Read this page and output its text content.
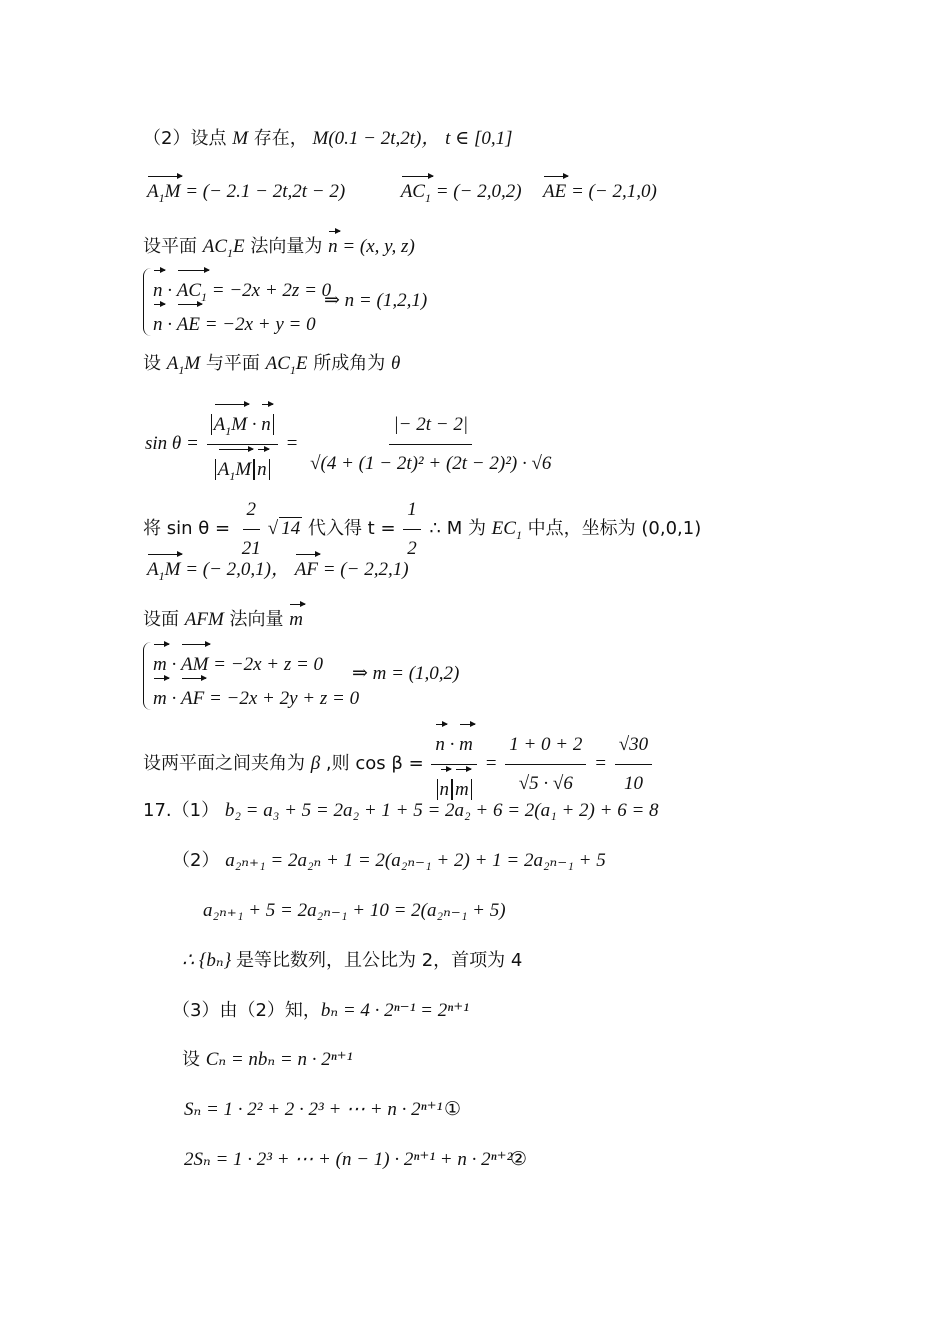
（2）设点 M 存在， M(0.1 − 2t,2t)， t ∈ [0,1]
$A_1M$ = (− 2.1 − 2t,2t − 2)	$AC_1$ = (− 2,0,2) AE = (− 2,1,0)
设平面 $AC_1E$ 法向量为 n = (x, y, z)
$n \cdot AC_1 = -2x + 2z = 0$
n · AE = −2x + y = 0
⇒ n = (1,2,1)
设 $A_1M$ 与平面 $AC_1E$ 所成角为 θ
$\sin \theta = \frac{A_1M \cdot n}{A_1M n} = \frac{|- 2t - 2|}{\text{√(4 + (1 − 2t)² + (2t − 2)²) · √6}}$
将 $\sin \theta = \frac{2}{21}$
√ 14 代入得 $t = \frac{1}{2}$ ∴ M 为 $EC_1$ 中点，坐标为 (0,0,1)
$A_1M$ = (− 2,0,1)， AF = (− 2,2,1)
设面 AFM 法向量 m
m · AM = −2x + z = 0
m · AF = −2x + 2y + z = 0
⇒ m = (1,0,2)
设两平面之间夹角为 β ,则 $\cos \beta = \frac{n \cdot m}{\text{n m}} = \frac{1 + 0 + 2}{√5 \cdot √6} = \frac{√30}{10}$
17.（1） b₂ = a₃ + 5 = 2a₂ + 1 + 5 = 2a₂ + 6 = 2(a₁ + 2) + 6 = 8
（2） a₂ₙ₊₁ = 2a₂ₙ + 1 = 2(a₂ₙ₋₁ + 2) + 1 = 2a₂ₙ₋₁ + 5
a₂ₙ₊₁ + 5 = 2a₂ₙ₋₁ + 10 = 2(a₂ₙ₋₁ + 5)
∴ {bₙ} 是等比数列，且公比为 2，首项为 4
（3）由（2）知，bₙ = 4 · 2ⁿ⁻¹ = 2ⁿ⁺¹
设 Cₙ = nbₙ = n · 2ⁿ⁺¹
Sₙ = 1 · 2² + 2 · 2³ + ⋯ + n · 2ⁿ⁺¹ ①
2Sₙ = 1 · 2³ + ⋯ + (n − 1) · 2ⁿ⁺¹ + n · 2ⁿ⁺²
②
